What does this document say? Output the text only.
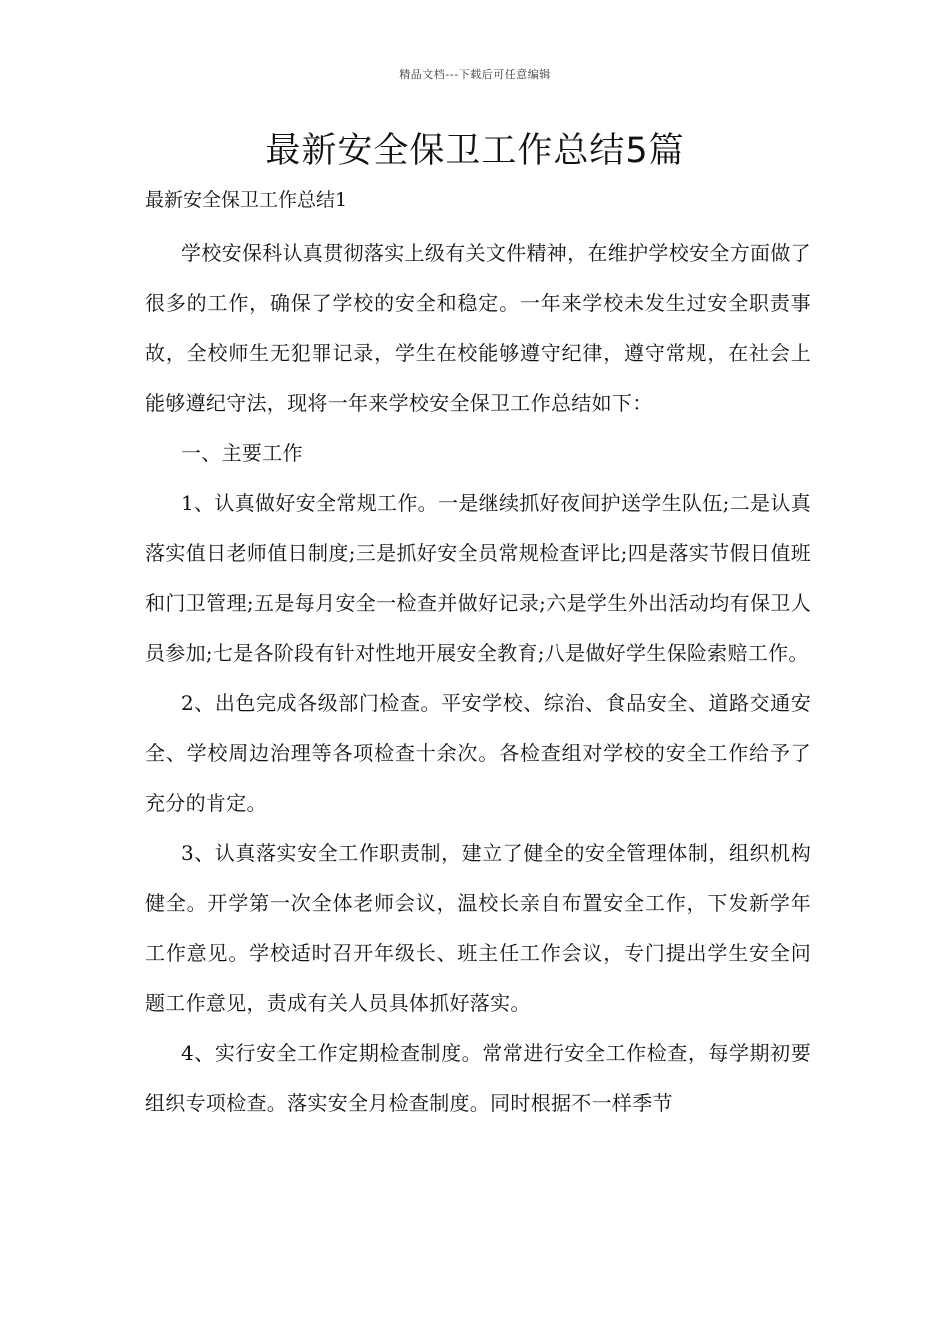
精品文档---下载后可任意编辑
最新安全保卫工作总结5篇

最新安全保卫工作总结1

学校安保科认真贯彻落实上级有关文件精神，在维护学校安全方面做了很多的工作，确保了学校的安全和稳定。一年来学校未发生过安全职责事故，全校师生无犯罪记录，学生在校能够遵守纪律，遵守常规，在社会上能够遵纪守法，现将一年来学校安全保卫工作总结如下：

一、主要工作

1、认真做好安全常规工作。一是继续抓好夜间护送学生队伍;二是认真落实值日老师值日制度;三是抓好安全员常规检查评比;四是落实节假日值班和门卫管理;五是每月安全一检查并做好记录;六是学生外出活动均有保卫人员参加;七是各阶段有针对性地开展安全教育;八是做好学生保险索赔工作。

2、出色完成各级部门检查。平安学校、综治、食品安全、道路交通安全、学校周边治理等各项检查十余次。各检查组对学校的安全工作给予了充分的肯定。

3、认真落实安全工作职责制，建立了健全的安全管理体制，组织机构健全。开学第一次全体老师会议，温校长亲自布置安全工作，下发新学年工作意见。学校适时召开年级长、班主任工作会议，专门提出学生安全问题工作意见，责成有关人员具体抓好落实。

4、实行安全工作定期检查制度。常常进行安全工作检查，每学期初要组织专项检查。落实安全月检查制度。同时根据不一样季节
